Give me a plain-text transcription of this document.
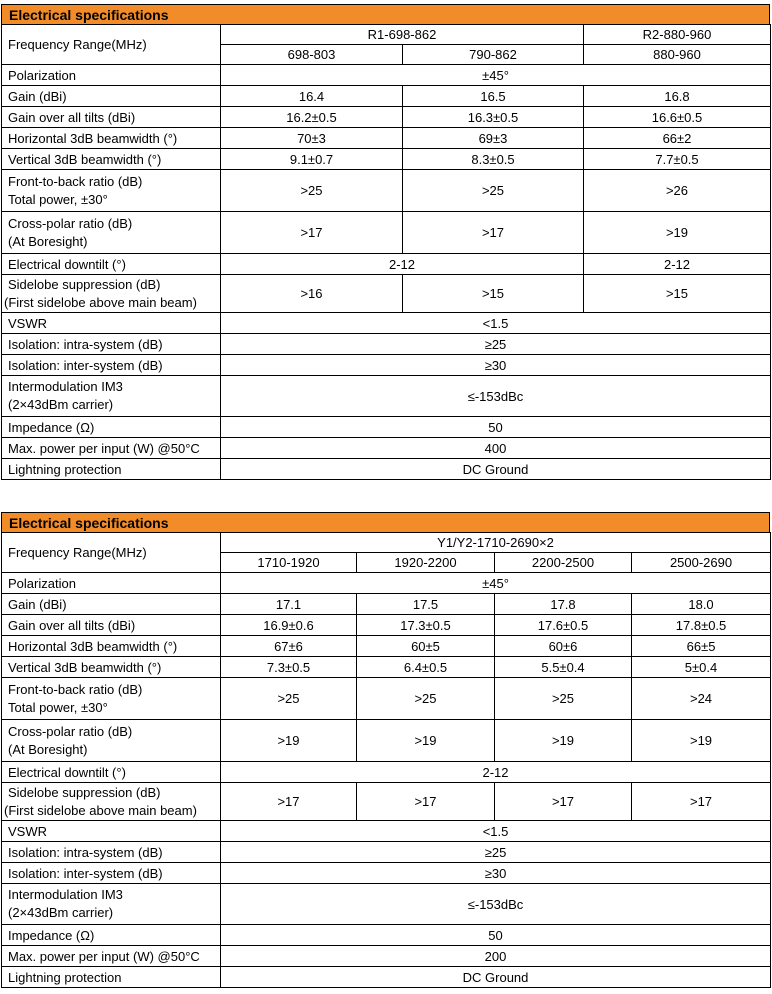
Electrical specifications
Frequency Range(MHz)	R1-698-862		R2-880-960
	698-803	790-862	880-960
Polarization	±45°		
Gain (dBi)	16.4	16.5	16.8
Gain over all tilts (dBi)	16.2±0.5	16.3±0.5	16.6±0.5
Horizontal 3dB beamwidth (°)	70±3	69±3	66±2
Vertical 3dB beamwidth (°)	9.1±0.7	8.3±0.5	7.7±0.5

Front-to-back ratio (dB)
Total power, ±30°	>25	>25	>26

Cross-polar ratio (dB)
(At Boresight)	>17	>17	>19
Electrical downtilt (°)	2-12		2-12

Sidelobe suppression (dB)
(First sidelobe above main beam)	>16	>15	>15
VSWR	<1.5		
Isolation: intra-system (dB)	≥25		
Isolation: inter-system (dB)	≥30		

Intermodulation IM3
(2×43dBm carrier)	≤-153dBc		
Impedance (Ω)	50		
Max. power per input (W) @50°C	400		
Lightning protection	DC Ground		
Electrical specifications
Frequency Range(MHz)	Y1/Y2-1710-2690×2			
	1710-1920	1920-2200	2200-2500	2500-2690
Polarization	±45°			
Gain (dBi)	17.1	17.5	17.8	18.0
Gain over all tilts (dBi)	16.9±0.6	17.3±0.5	17.6±0.5	17.8±0.5
Horizontal 3dB beamwidth (°)	67±6	60±5	60±6	66±5
Vertical 3dB beamwidth (°)	7.3±0.5	6.4±0.5	5.5±0.4	5±0.4

Front-to-back ratio (dB)
Total power, ±30°	>25	>25	>25	>24

Cross-polar ratio (dB)
(At Boresight)	>19	>19	>19	>19
Electrical downtilt (°)	2-12			

Sidelobe suppression (dB)
(First sidelobe above main beam)	>17	>17	>17	>17
VSWR	<1.5			
Isolation: intra-system (dB)	≥25			
Isolation: inter-system (dB)	≥30			

Intermodulation IM3
(2×43dBm carrier)	≤-153dBc			
Impedance (Ω)	50			
Max. power per input (W) @50°C	200			
Lightning protection	DC Ground			
